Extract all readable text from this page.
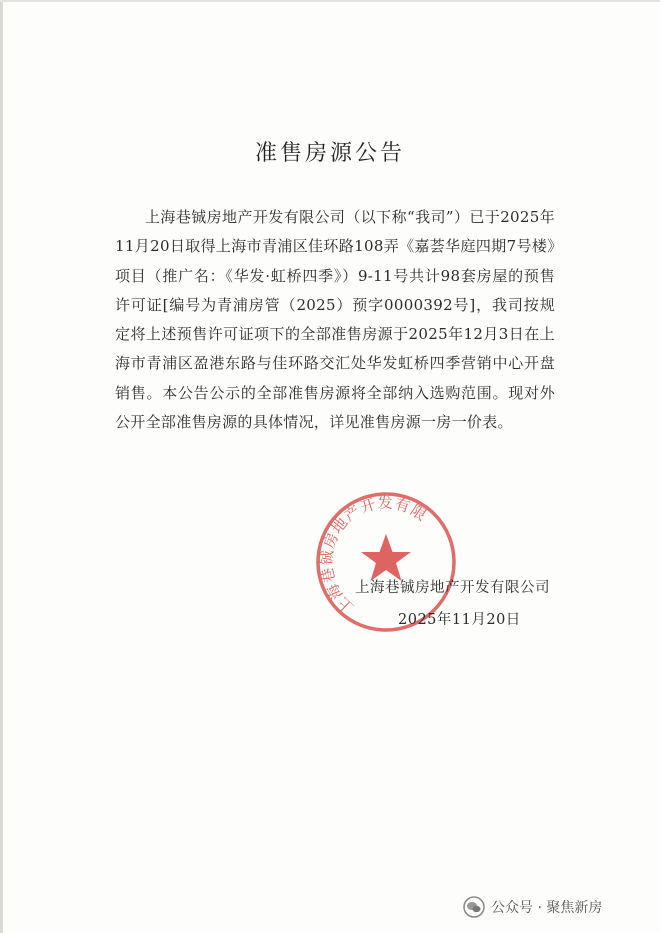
准售房源公告

上海巷铖房地产开发有限公司（以下称“我司”）已于2025年11月20日取得上海市青浦区佳环路108弄《嘉荟华庭四期7号楼》项目（推广名：《华发·虹桥四季》）9-11号共计98套房屋的预售许可证[编号为青浦房管（2025）预字0000392号]，我司按规定将上述预售许可证项下的全部准售房源于2025年12月3日在上海市青浦区盈港东路与佳环路交汇处华发虹桥四季营销中心开盘销售。本公告公示的全部准售房源将全部纳入选购范围。现对外公开全部准售房源的具体情况，详见准售房源一房一价表。

上海巷铖房地产开发有限公司	上海巷铖房地产开发有限公司
2025年11月20日
公众号 · 聚焦新房
